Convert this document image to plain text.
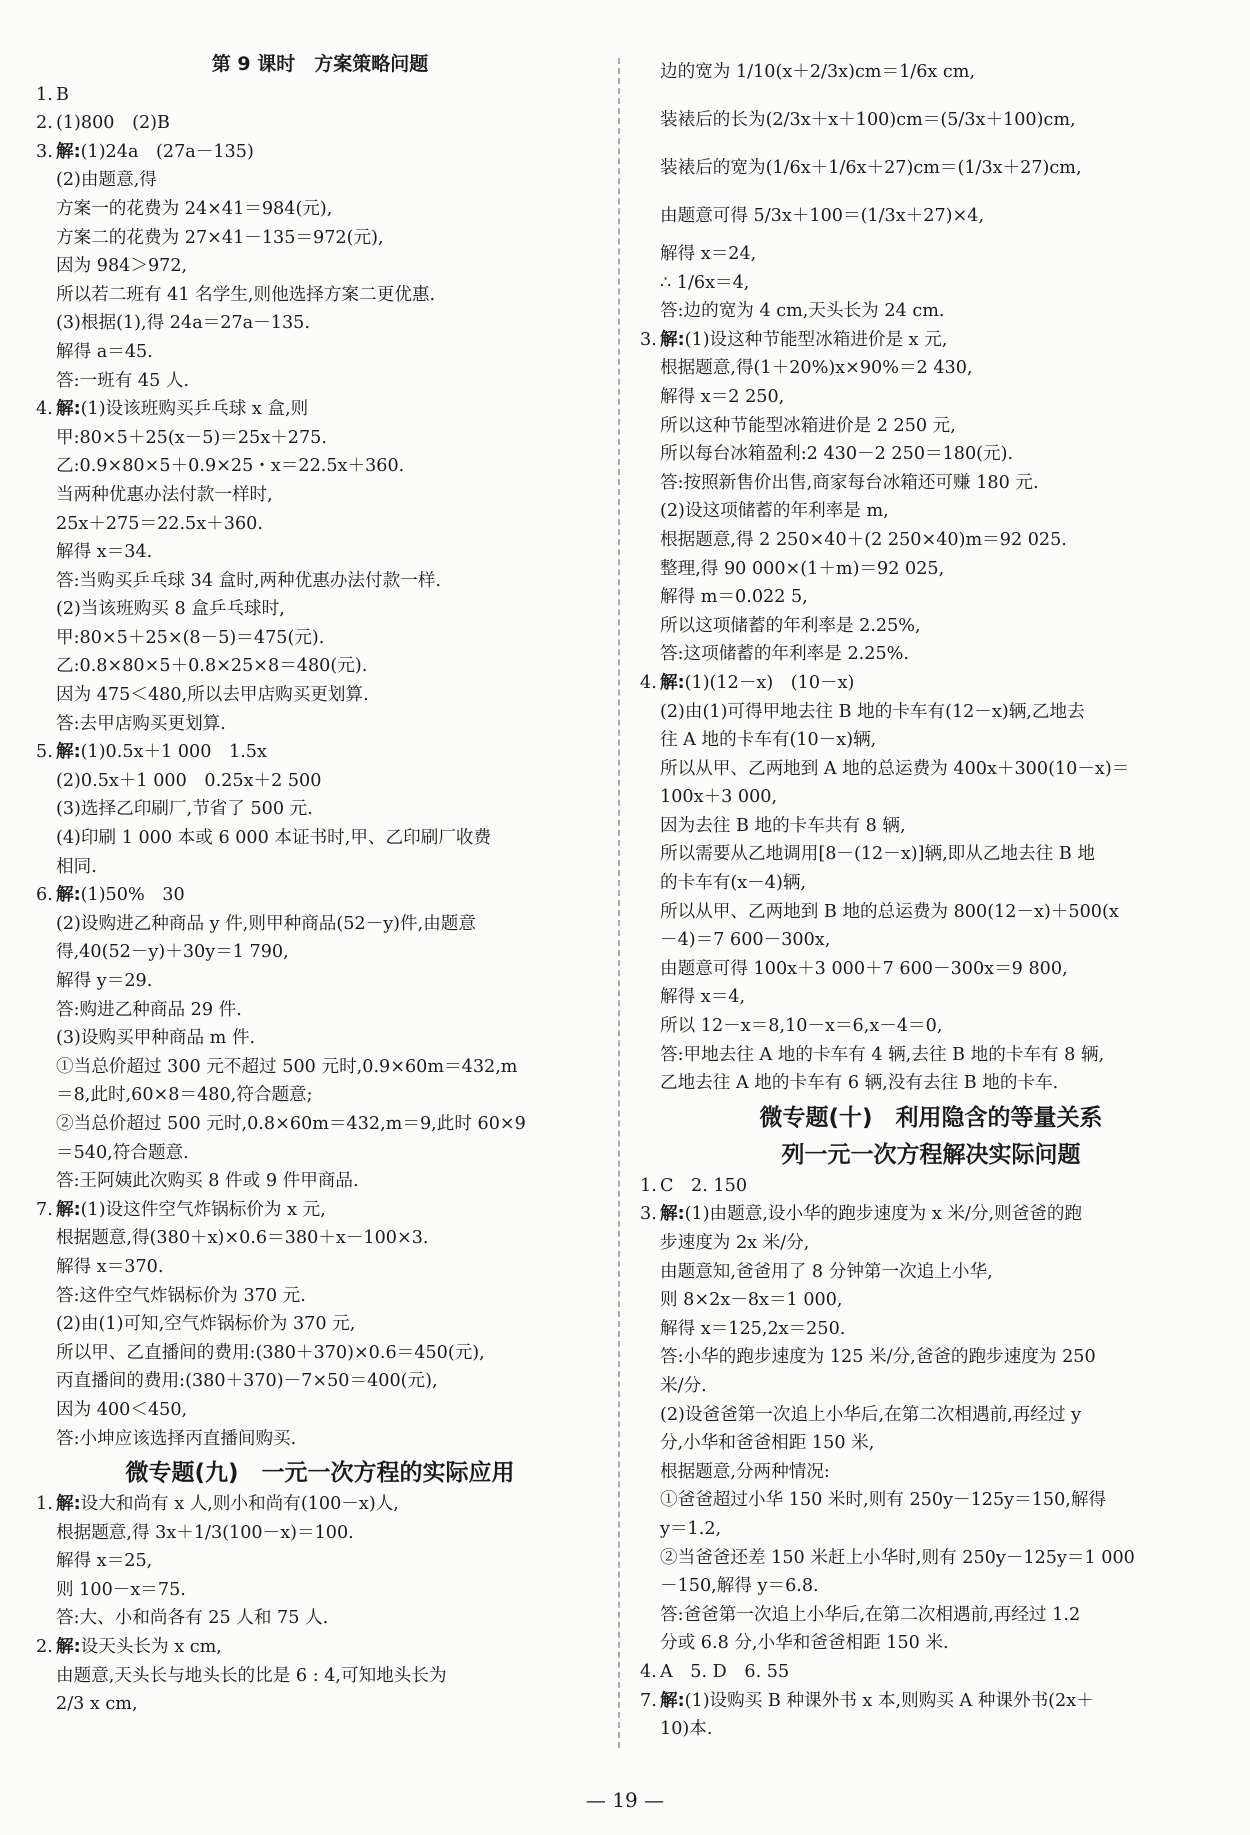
第 9 课时　方案策略问题
1. B
2. (1)800　(2)B
3. 解:(1)24a　(27a－135)
(2)由题意,得
方案一的花费为 24×41＝984(元),
方案二的花费为 27×41－135＝972(元),
因为 984＞972,
所以若二班有 41 名学生,则他选择方案二更优惠.
(3)根据(1),得 24a＝27a－135.
解得 a＝45.
答:一班有 45 人.
4. 解:(1)设该班购买乒乓球 x 盒,则
甲:80×5＋25(x－5)＝25x＋275.
乙:0.9×80×5＋0.9×25・x＝22.5x＋360.
当两种优惠办法付款一样时,
25x＋275＝22.5x＋360.
解得 x＝34.
答:当购买乒乓球 34 盒时,两种优惠办法付款一样.
(2)当该班购买 8 盒乒乓球时,
甲:80×5＋25×(8－5)＝475(元).
乙:0.8×80×5＋0.8×25×8＝480(元).
因为 475＜480,所以去甲店购买更划算.
答:去甲店购买更划算.
5. 解:(1)0.5x＋1 000　1.5x
(2)0.5x＋1 000　0.25x＋2 500
(3)选择乙印刷厂,节省了 500 元.
(4)印刷 1 000 本或 6 000 本证书时,甲、乙印刷厂收费
相同.
6. 解:(1)50%　30
(2)设购进乙种商品 y 件,则甲种商品(52－y)件,由题意
得,40(52－y)＋30y＝1 790,
解得 y＝29.
答:购进乙种商品 29 件.
(3)设购买甲种商品 m 件.
①当总价超过 300 元不超过 500 元时,0.9×60m＝432,m
＝8,此时,60×8＝480,符合题意;
②当总价超过 500 元时,0.8×60m＝432,m＝9,此时 60×9
＝540,符合题意.
答:王阿姨此次购买 8 件或 9 件甲商品.
7. 解:(1)设这件空气炸锅标价为 x 元,
根据题意,得(380＋x)×0.6＝380＋x－100×3.
解得 x＝370.
答:这件空气炸锅标价为 370 元.
(2)由(1)可知,空气炸锅标价为 370 元,
所以甲、乙直播间的费用:(380＋370)×0.6＝450(元),
丙直播间的费用:(380＋370)－7×50＝400(元),
因为 400＜450,
答:小坤应该选择丙直播间购买.
微专题(九)　一元一次方程的实际应用
1. 解:设大和尚有 x 人,则小和尚有(100－x)人,
根据题意,得 3x＋1/3(100－x)＝100.
解得 x＝25,
则 100－x＝75.
答:大、小和尚各有 25 人和 75 人.
2. 解:设天头长为 x cm,
由题意,天头长与地头长的比是 6 : 4,可知地头长为
2/3 x cm,
边的宽为 1/10(x＋2/3x)cm＝1/6x cm,
装裱后的长为(2/3x＋x＋100)cm＝(5/3x＋100)cm,
装裱后的宽为(1/6x＋1/6x＋27)cm＝(1/3x＋27)cm,
由题意可得 5/3x＋100＝(1/3x＋27)×4,
解得 x＝24,
∴ 1/6x＝4,
答:边的宽为 4 cm,天头长为 24 cm.
3. 解:(1)设这种节能型冰箱进价是 x 元,
根据题意,得(1＋20%)x×90%＝2 430,
解得 x＝2 250,
所以这种节能型冰箱进价是 2 250 元,
所以每台冰箱盈利:2 430－2 250＝180(元).
答:按照新售价出售,商家每台冰箱还可赚 180 元.
(2)设这项储蓄的年利率是 m,
根据题意,得 2 250×40＋(2 250×40)m＝92 025.
整理,得 90 000×(1＋m)＝92 025,
解得 m＝0.022 5,
所以这项储蓄的年利率是 2.25%,
答:这项储蓄的年利率是 2.25%.
4. 解:(1)(12－x)　(10－x)
(2)由(1)可得甲地去往 B 地的卡车有(12－x)辆,乙地去
往 A 地的卡车有(10－x)辆,
所以从甲、乙两地到 A 地的总运费为 400x＋300(10－x)＝
100x＋3 000,
因为去往 B 地的卡车共有 8 辆,
所以需要从乙地调用[8－(12－x)]辆,即从乙地去往 B 地
的卡车有(x－4)辆,
所以从甲、乙两地到 B 地的总运费为 800(12－x)＋500(x
－4)＝7 600－300x,
由题意可得 100x＋3 000＋7 600－300x＝9 800,
解得 x＝4,
所以 12－x＝8,10－x＝6,x－4＝0,
答:甲地去往 A 地的卡车有 4 辆,去往 B 地的卡车有 8 辆,
乙地去往 A 地的卡车有 6 辆,没有去往 B 地的卡车.
微专题(十)　利用隐含的等量关系
列一元一次方程解决实际问题
1. C　2. 150
3. 解:(1)由题意,设小华的跑步速度为 x 米/分,则爸爸的跑
步速度为 2x 米/分,
由题意知,爸爸用了 8 分钟第一次追上小华,
则 8×2x－8x＝1 000,
解得 x＝125,2x＝250.
答:小华的跑步速度为 125 米/分,爸爸的跑步速度为 250
米/分.
(2)设爸爸第一次追上小华后,在第二次相遇前,再经过 y
分,小华和爸爸相距 150 米,
根据题意,分两种情况:
①爸爸超过小华 150 米时,则有 250y－125y＝150,解得
y＝1.2,
②当爸爸还差 150 米赶上小华时,则有 250y－125y＝1 000
－150,解得 y＝6.8.
答:爸爸第一次追上小华后,在第二次相遇前,再经过 1.2
分或 6.8 分,小华和爸爸相距 150 米.
4. A　5. D　6. 55
7. 解:(1)设购买 B 种课外书 x 本,则购买 A 种课外书(2x＋
10)本.
— 19 —
